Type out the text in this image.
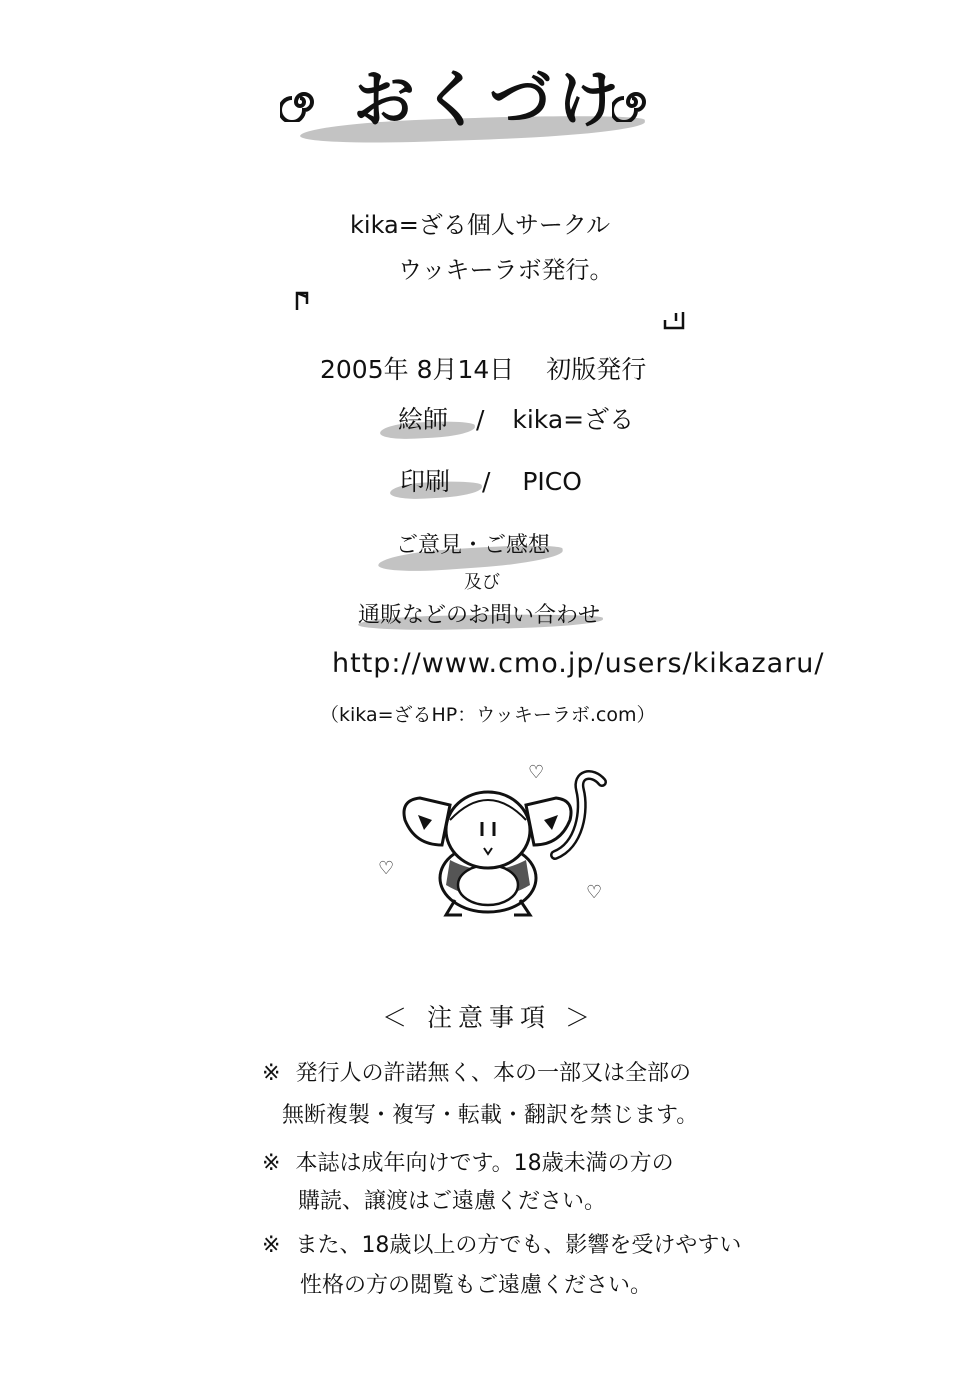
おくづけ
kika=ざる個人サークル
ウッキーラボ発行。
2005年 8月14日 初版発行
絵師 / kika=ざる
印刷 / PICO
ご意見・ご感想
及び
通販などのお問い合わせ
http://www.cmo.jp/users/kikazaru/
（kika=ざるHP：ウッキーラボ.com）
♡
♡
♡
＜ 注意事項 ＞
※ 発行人の許諾無く、本の一部又は全部の
無断複製・複写・転載・翻訳を禁じます。
※ 本誌は成年向けです。18歳未満の方の
購読、譲渡はご遠慮ください。
※ また、18歳以上の方でも、影響を受けやすい
性格の方の閲覧もご遠慮ください。
